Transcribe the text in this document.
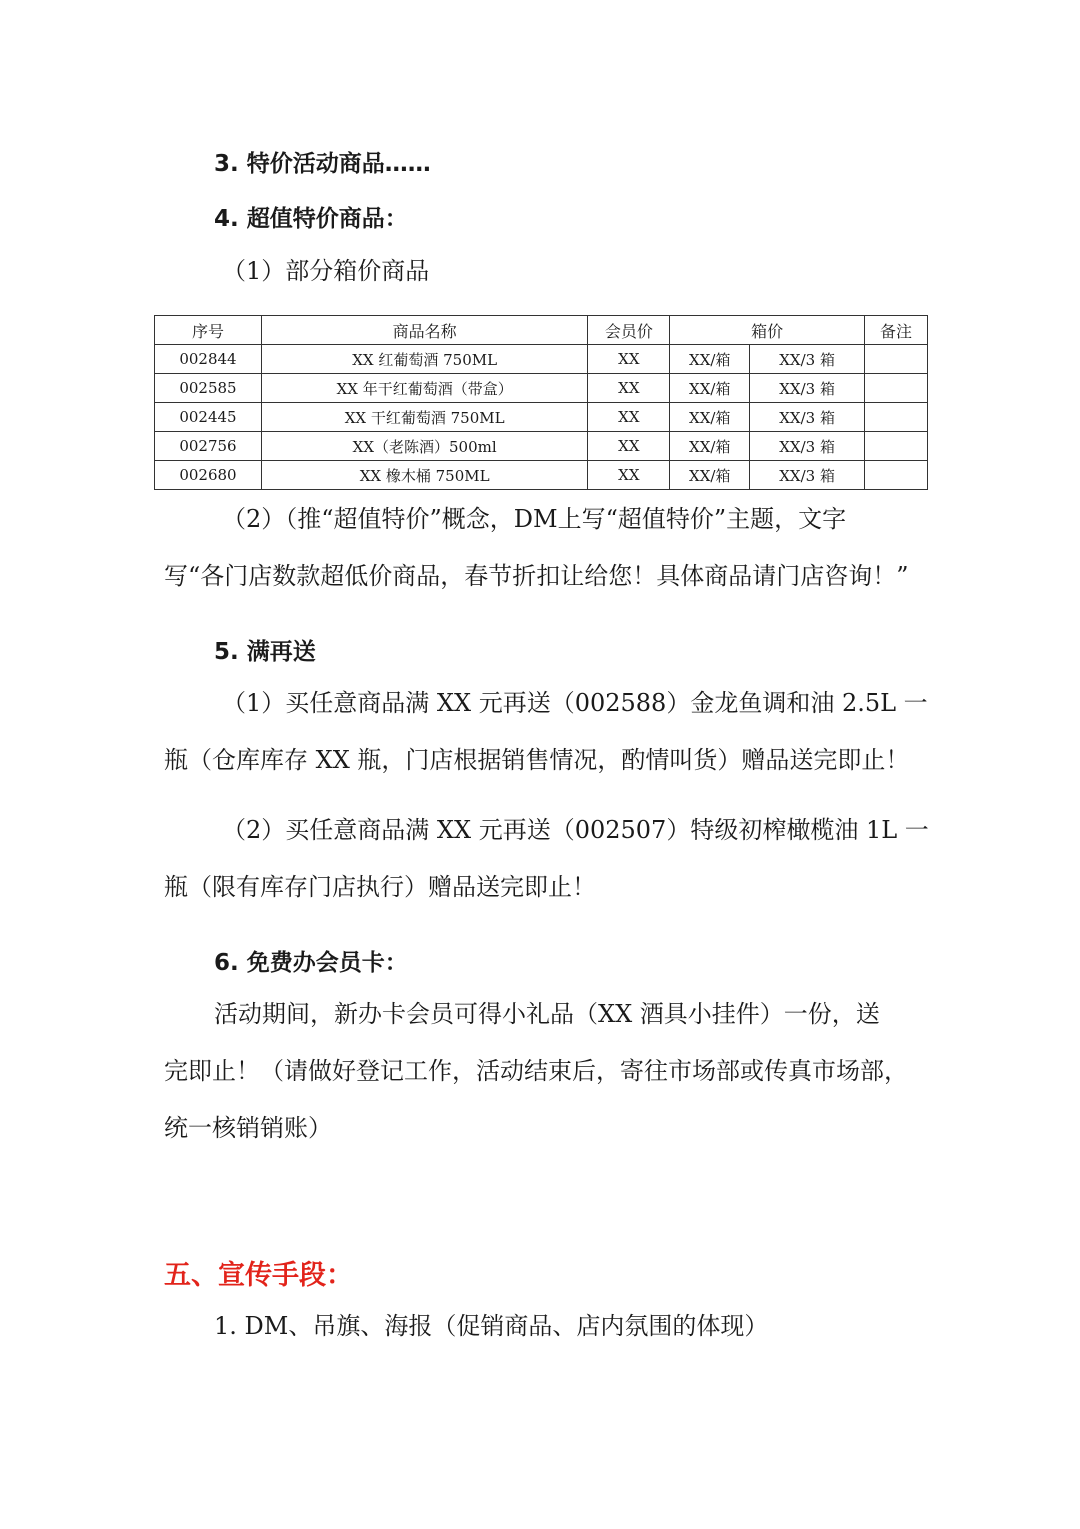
3. 特价活动商品……
4. 超值特价商品：
（1）部分箱价商品
序号	商品名称	会员价	箱价		备注
002844	XX 红葡萄酒 750ML	XX	XX/箱	XX/3 箱	
002585	XX 年干红葡萄酒（带盒）	XX	XX/箱	XX/3 箱	
002445	XX 干红葡萄酒 750ML	XX	XX/箱	XX/3 箱	
002756	XX（老陈酒）500ml	XX	XX/箱	XX/3 箱	
002680	XX 橡木桶 750ML	XX	XX/箱	XX/3 箱	
（2）（推“超值特价”概念，DM上写“超值特价”主题，文字
写“各门店数款超低价商品，春节折扣让给您！具体商品请门店咨询！”
5. 满再送
（1）买任意商品满 XX 元再送（002588）金龙鱼调和油 2.5L 一
瓶（仓库库存 XX 瓶，门店根据销售情况，酌情叫货）赠品送完即止！
（2）买任意商品满 XX 元再送（002507）特级初榨橄榄油 1L 一
瓶（限有库存门店执行）赠品送完即止！
6. 免费办会员卡：
活动期间，新办卡会员可得小礼品（XX 酒具小挂件）一份，送
完即止！（请做好登记工作，活动结束后，寄往市场部或传真市场部，
统一核销销账）
五、宣传手段：
1. DM、吊旗、海报（促销商品、店内氛围的体现）
